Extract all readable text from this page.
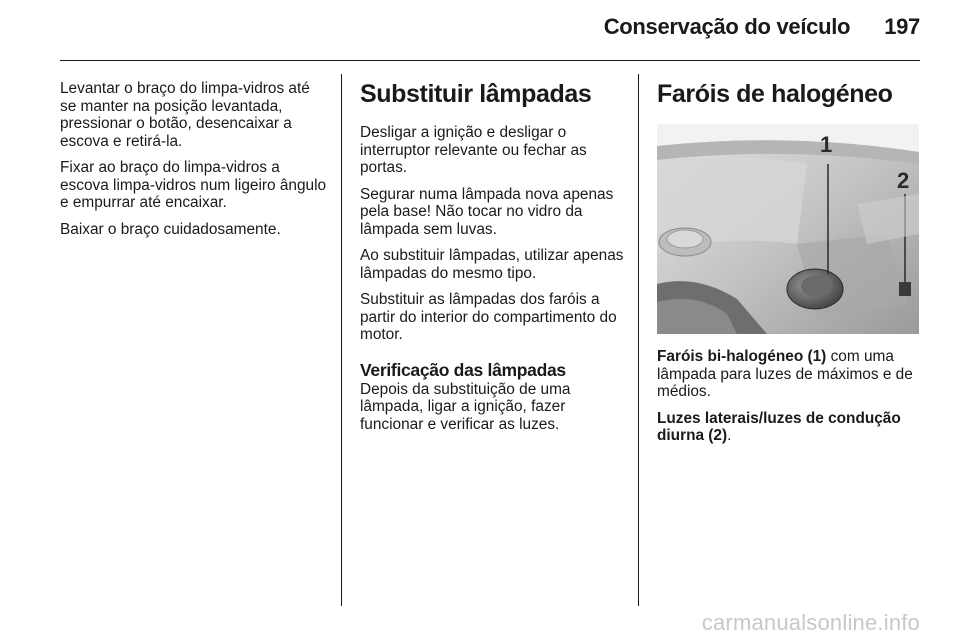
Conservação do veículo 197

Levantar o braço do limpa-vidros até se manter na posição levantada, pressionar o botão, desencaixar a escova e retirá-la.

Fixar ao braço do limpa-vidros a escova limpa-vidros num ligeiro ângulo e empurrar até encaixar.

Baixar o braço cuidadosamente.

Substituir lâmpadas

Desligar a ignição e desligar o interruptor relevante ou fechar as portas.

Segurar numa lâmpada nova apenas pela base! Não tocar no vidro da lâmpada sem luvas.

Ao substituir lâmpadas, utilizar apenas lâmpadas do mesmo tipo.

Substituir as lâmpadas dos faróis a partir do interior do compartimento do motor.

Verificação das lâmpadas

Depois da substituição de uma lâmpada, ligar a ignição, fazer funcionar e verificar as luzes.

Faróis de halogéneo
1
2

Faróis bi-halogéneo (1) com uma lâmpada para luzes de máximos e de médios.

Luzes laterais/luzes de condução diurna (2).

carmanualsonline.info
